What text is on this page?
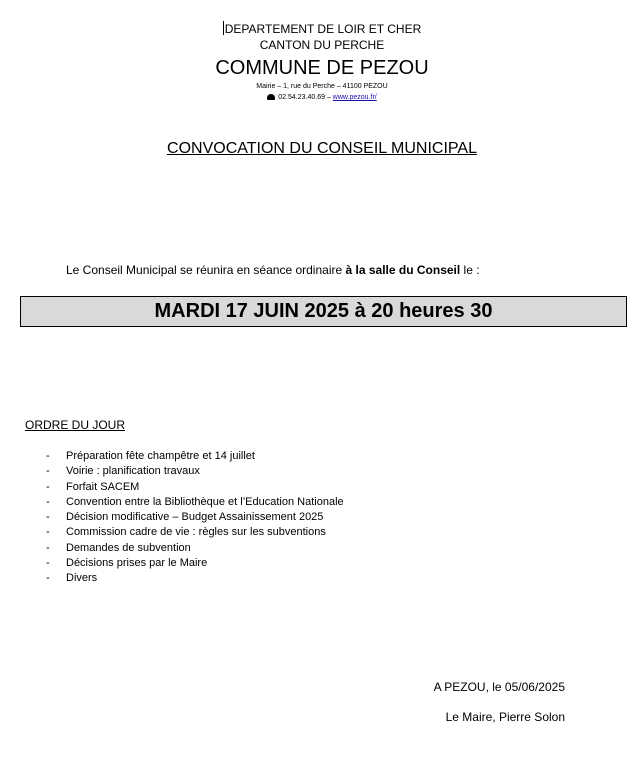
DEPARTEMENT DE LOIR ET CHER
CANTON DU PERCHE
COMMUNE DE PEZOU
Mairie – 1, rue du Perche – 41100 PEZOU
02.54.23.40.69 – www.pezou.fr/
CONVOCATION DU CONSEIL MUNICIPAL
Le Conseil Municipal se réunira en séance ordinaire à la salle du Conseil le :
MARDI 17 JUIN 2025 à 20 heures 30
ORDRE DU JOUR
-	Préparation fête champêtre et 14 juillet
-	Voirie : planification travaux
-	Forfait SACEM
-	Convention entre la Bibliothèque et l’Education Nationale
-	Décision modificative – Budget Assainissement 2025
-	Commission cadre de vie : règles sur les subventions
-	Demandes de subvention
-	Décisions prises par le Maire
-	Divers
A PEZOU, le 05/06/2025
Le Maire, Pierre Solon
